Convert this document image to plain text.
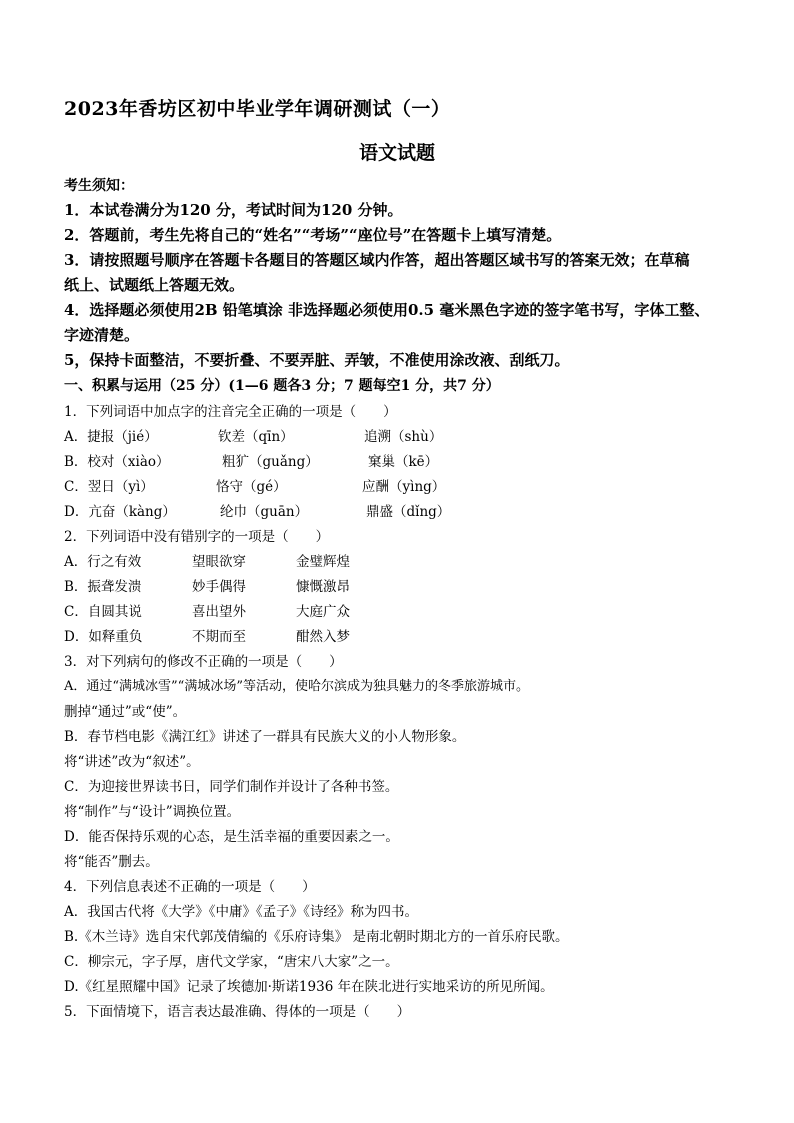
2023年香坊区初中毕业学年调研测试（一）
语文试题
考生须知：
1．本试卷满分为120 分，考试时间为120 分钟。
2．答题前，考生先将自己的“姓名”“考场”“座位号”在答题卡上填写清楚。
3．请按照题号顺序在答题卡各题目的答题区域内作答，超出答题区域书写的答案无效；在草稿
纸上、试题纸上答题无效。
4．选择题必须使用2B 铅笔填涂 非选择题必须使用0.5 毫米黑色字迹的签字笔书写，字体工整、
字迹清楚。
5，保持卡面整洁，不要折叠、不要弄脏、弄皱，不准使用涂改液、刮纸刀。
一、积累与运用（25 分）(1—6 题各3 分；7 题每空1 分，共7 分）
1．下列词语中加点字的注音完全正确的一项是（　　）
A．捷报（jié）	钦差（qīn）	追溯（shù）
B．校对（xiào）	粗犷（guǎng）	窠巢（kē）
C．翌日（yì）	恪守（gé）	应酬（yìng）
D．亢奋（kàng）	纶巾（guān）	鼎盛（dǐng）
2．下列词语中没有错别字的一项是（　　）
A．行之有效	望眼欲穿	金璧辉煌
B．振聋发溃	妙手偶得	慷慨激昂
C．自圆其说	喜出望外	大庭广众
D．如释重负	不期而至	酣然入梦
3．对下列病句的修改不正确的一项是（　　）
A．通过“满城冰雪”“满城冰场”等活动，使哈尔滨成为独具魅力的冬季旅游城市。
删掉“通过”或“使”。
B．春节档电影《满江红》讲述了一群具有民族大义的小人物形象。
将“讲述”改为“叙述”。
C．为迎接世界读书日，同学们制作并设计了各种书签。
将“制作”与“设计”调换位置。
D．能否保持乐观的心态，是生活幸福的重要因素之一。
将“能否”删去。
4．下列信息表述不正确的一项是（　　）
A．我国古代将《大学》《中庸》《孟子》《诗经》称为四书。
B.《木兰诗》选自宋代郭茂倩编的《乐府诗集》 是南北朝时期北方的一首乐府民歌。
C．柳宗元，字子厚，唐代文学家，“唐宋八大家”之一。
D.《红星照耀中国》记录了埃德加·斯诺1936 年在陕北进行实地采访的所见所闻。
5．下面情境下，语言表达最准确、得体的一项是（　　）
